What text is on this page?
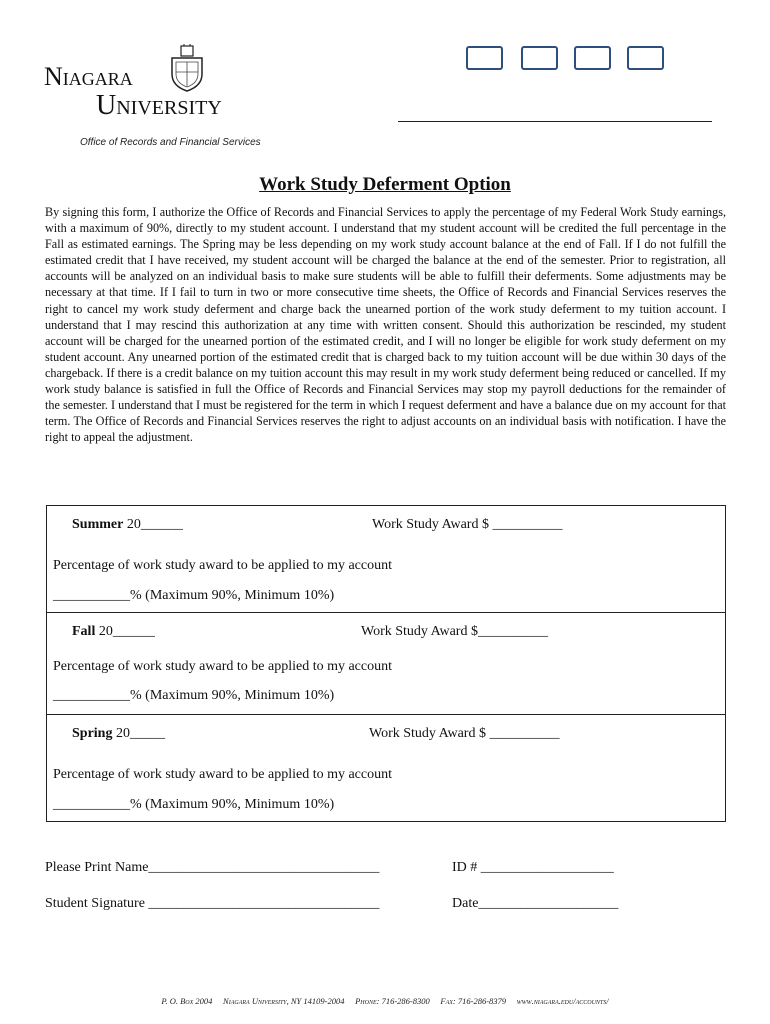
Niagara
University
Office of Records and Financial Services
Work Study Deferment Option
By signing this form, I authorize the Office of Records and Financial Services to apply the percentage of my Federal Work Study earnings, with a maximum of 90%, directly to my student account. I understand that my student account will be credited the full percentage in the Fall as estimated earnings. The Spring may be less depending on my work study account balance at the end of Fall. If I do not fulfill the estimated credit that I have received, my student account will be charged the balance at the end of the semester. Prior to registration, all accounts will be analyzed on an individual basis to make sure students will be able to fulfill their deferments. Some adjustments may be necessary at that time. If I fail to turn in two or more consecutive time sheets, the Office of Records and Financial Services reserves the right to cancel my work study deferment and charge back the unearned portion of the work study deferment to my tuition account. I understand that I may rescind this authorization at any time with written consent. Should this authorization be rescinded, my student account will be charged for the unearned portion of the estimated credit, and I will no longer be eligible for work study deferment on my student account. Any unearned portion of the estimated credit that is charged back to my tuition account will be due within 30 days of the chargeback. If there is a credit balance on my tuition account this may result in my work study deferment being reduced or cancelled. If my work study balance is satisfied in full the Office of Records and Financial Services may stop my payroll deductions for the remainder of the semester. I understand that I must be registered for the term in which I request deferment and have a balance due on my account for that term. The Office of Records and Financial Services reserves the right to adjust accounts on an individual basis with notification. I have the right to appeal the adjustment.
Summer 20______	Work Study Award $ __________
Percentage of work study award to be applied to my account
___________% (Maximum 90%, Minimum 10%)
Fall 20______	Work Study Award $__________
Percentage of work study award to be applied to my account
___________% (Maximum 90%, Minimum 10%)
Spring 20_____	Work Study Award $ __________
Percentage of work study award to be applied to my account
___________% (Maximum 90%, Minimum 10%)
Please Print Name_________________________________	ID # ___________________
Student Signature _________________________________	Date____________________
P. O. Box 2004     Niagara University, NY 14109-2004     Phone: 716-286-8300     Fax: 716-286-8379     www.niagara.edu/accounts/
